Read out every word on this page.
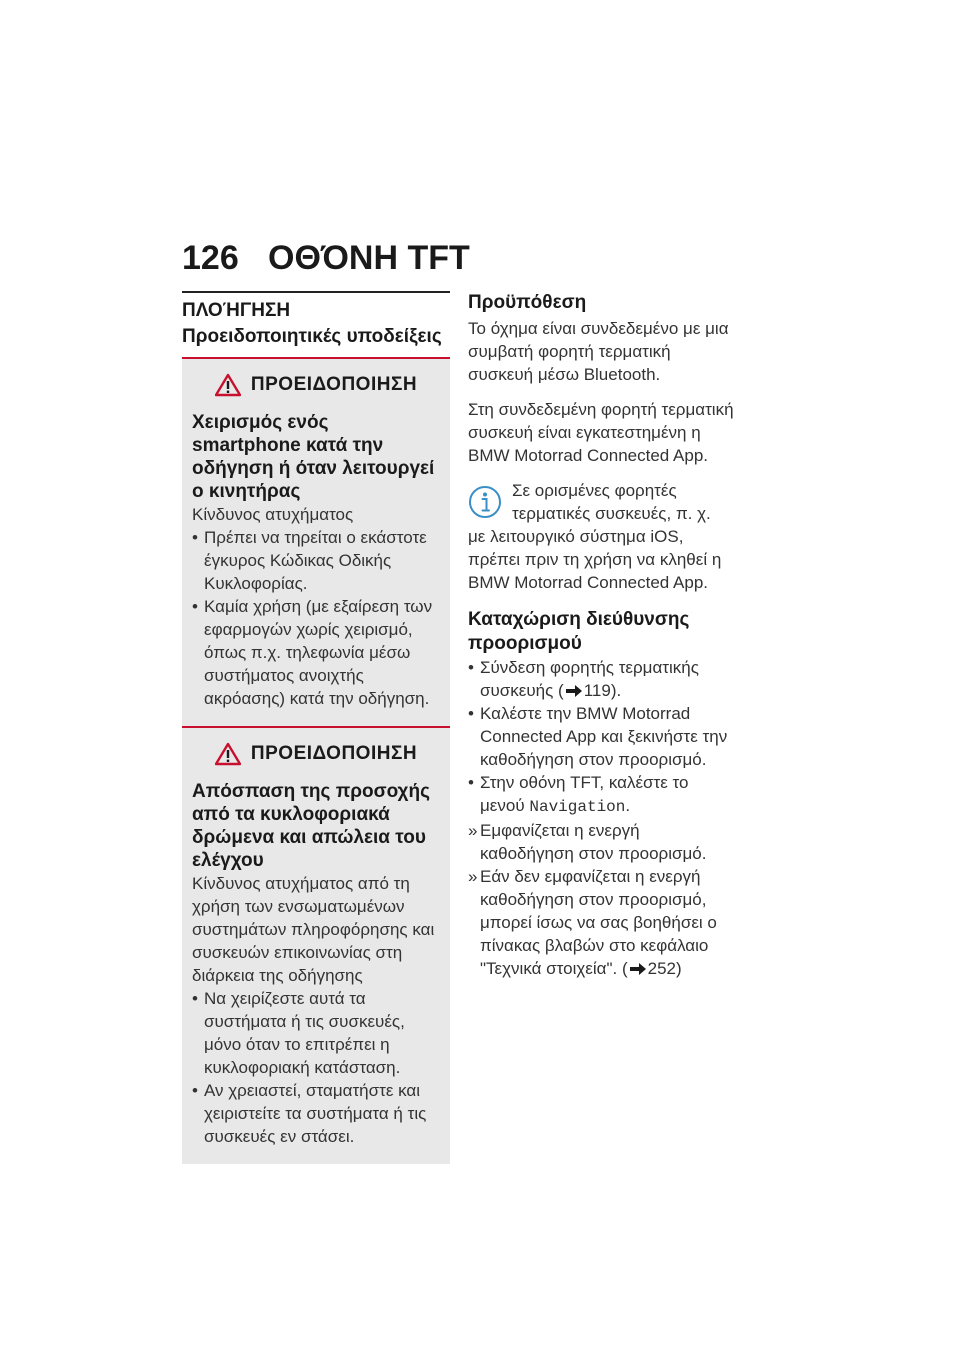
126 ΟΘΌΝΗ TFT
ΠΛΟΉΓΗΣΗ
Προειδοποιητικές υποδείξεις
ΠΡΟΕΙΔΟΠΟΙΗΣΗ
Χειρισμός ενός smartphone κατά την οδήγηση ή όταν λειτουργεί ο κινητήρας
Κίνδυνος ατυχήματος
• Πρέπει να τηρείται ο εκάστοτε έγκυρος Κώδικας Οδικής Κυκλοφορίας.
• Καμία χρήση (με εξαίρεση των εφαρμογών χωρίς χειρισμό, όπως π.χ. τηλεφωνία μέσω συστήματος ανοιχτής ακρόασης) κατά την οδήγηση.
ΠΡΟΕΙΔΟΠΟΙΗΣΗ
Απόσπαση της προσοχής από τα κυκλοφοριακά δρώμενα και απώλεια του ελέγχου
Κίνδυνος ατυχήματος από τη χρήση των ενσωματωμένων συστημάτων πληροφόρησης και συσκευών επικοινωνίας στη διάρκεια της οδήγησης
• Να χειρίζεστε αυτά τα συστήματα ή τις συσκευές, μόνο όταν το επιτρέπει η κυκλοφοριακή κατάσταση.
• Αν χρειαστεί, σταματήστε και χειριστείτε τα συστήματα ή τις συσκευές εν στάσει.
Προϋπόθεση
Το όχημα είναι συνδεδεμένο με μια συμβατή φορητή τερματική συσκευή μέσω Bluetooth.
Στη συνδεδεμένη φορητή τερματική συσκευή είναι εγκατεστημένη η BMW Motorrad Connected App.
Σε ορισμένες φορητές τερματικές συσκευές, π. χ.
με λειτουργικό σύστημα iOS, πρέπει πριν τη χρήση να κληθεί η BMW Motorrad Connected App.
Καταχώριση διεύθυνσης προορισμού
• Σύνδεση φορητής τερματικής συσκευής ( 119).
• Καλέστε την BMW Motorrad Connected App και ξεκινήστε την καθοδήγηση στον προορισμό.
• Στην οθόνη TFT, καλέστε το μενού Navigation.
» Εμφανίζεται η ενεργή καθοδήγηση στον προορισμό.
» Εάν δεν εμφανίζεται η ενεργή καθοδήγηση στον προορισμό, μπορεί ίσως να σας βοηθήσει ο πίνακας βλαβών στο κεφάλαιο "Τεχνικά στοιχεία". ( 252)
